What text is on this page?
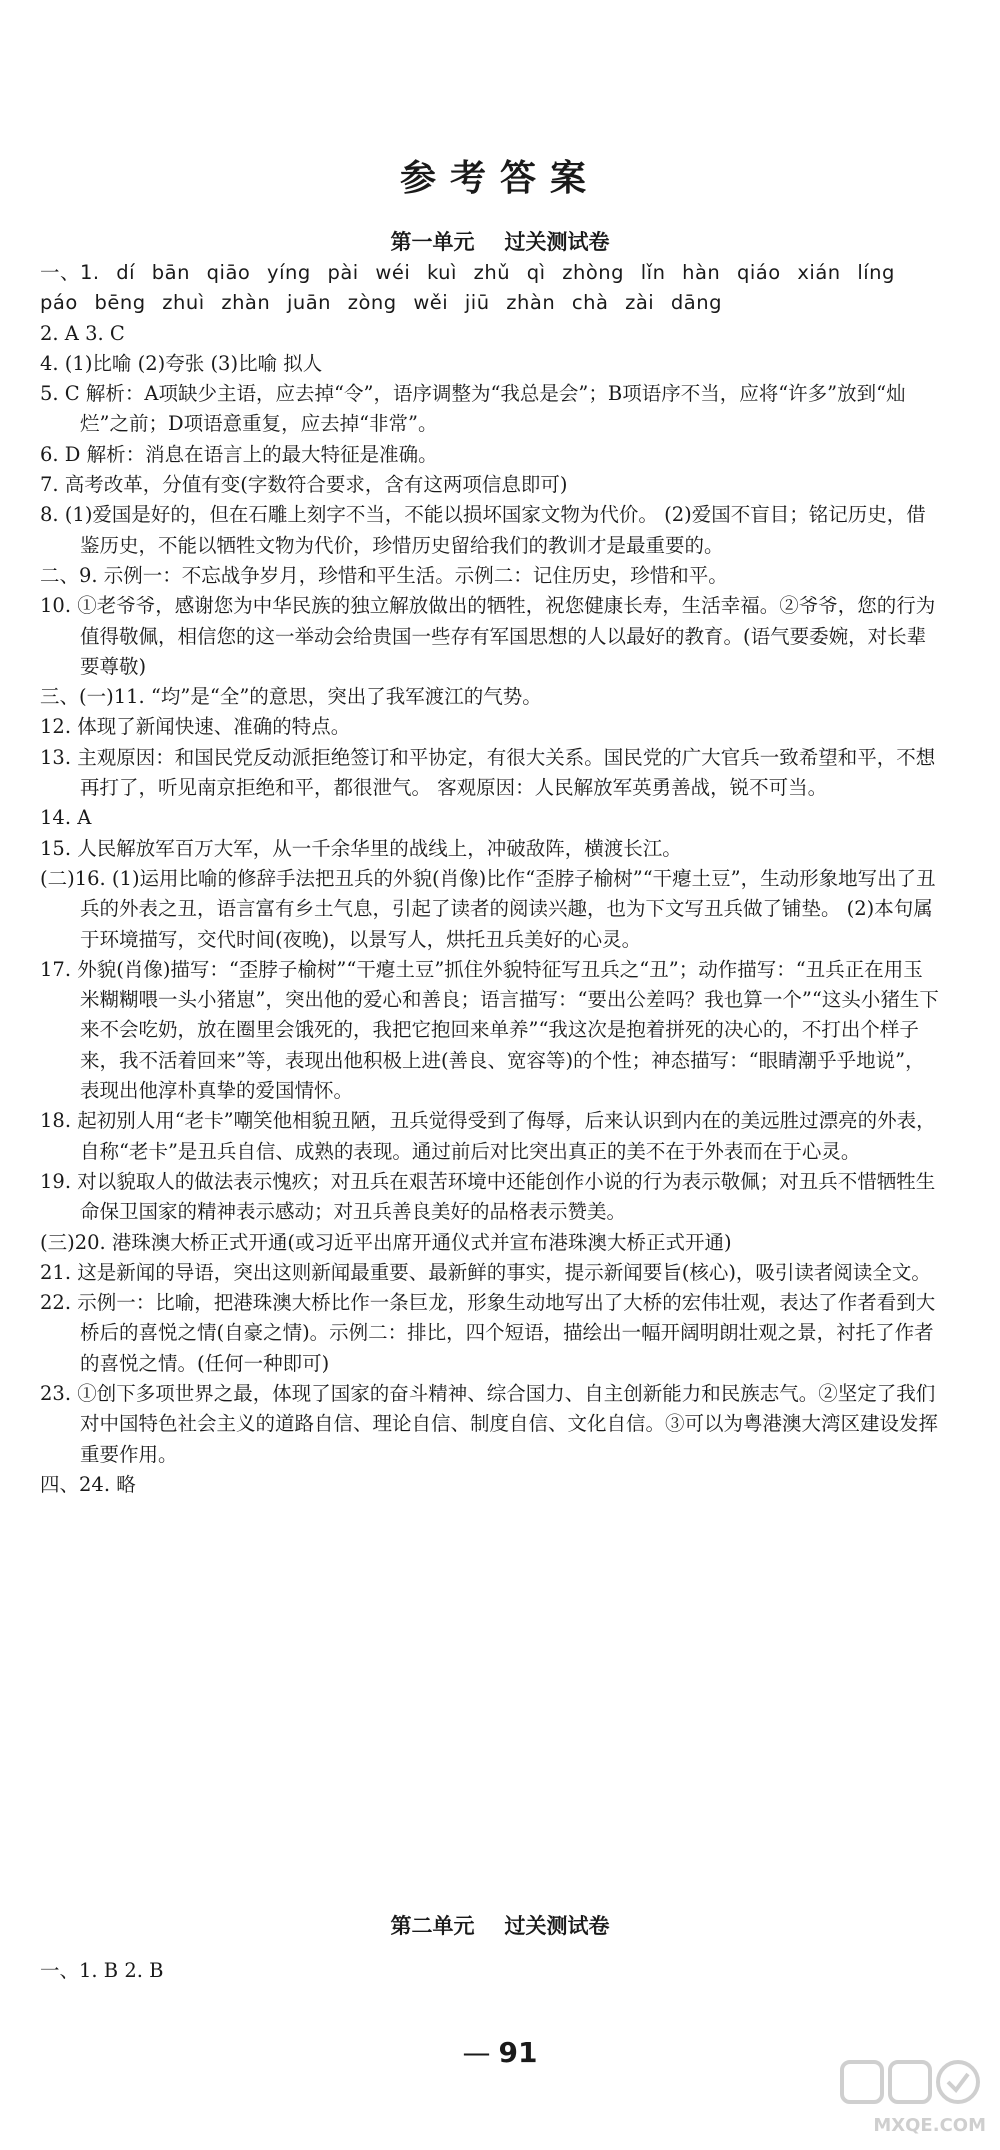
参考答案
第一单元 过关测试卷

一、1. dí bān qiāo yíng pài wéi kuì zhǔ qì zhòng lǐn hàn qiáo xián líng páo bēng zhuì zhàn juān zòng wěi jiū zhàn chà zài dāng

2. A 3. C

4. (1)比喻 (2)夸张 (3)比喻 拟人

5. C 解析：A项缺少主语，应去掉“令”，语序调整为“我总是会”；B项语序不当，应将“许多”放到“灿烂”之前；D项语意重复，应去掉“非常”。

6. D 解析：消息在语言上的最大特征是准确。

7. 高考改革，分值有变(字数符合要求，含有这两项信息即可)

8. (1)爱国是好的，但在石雕上刻字不当，不能以损坏国家文物为代价。 (2)爱国不盲目；铭记历史，借鉴历史，不能以牺牲文物为代价，珍惜历史留给我们的教训才是最重要的。

二、9. 示例一：不忘战争岁月，珍惜和平生活。示例二：记住历史，珍惜和平。

10. ①老爷爷，感谢您为中华民族的独立解放做出的牺牲，祝您健康长寿，生活幸福。②爷爷，您的行为值得敬佩，相信您的这一举动会给贵国一些存有军国思想的人以最好的教育。(语气要委婉，对长辈要尊敬)

三、(一)11. “均”是“全”的意思，突出了我军渡江的气势。

12. 体现了新闻快速、准确的特点。

13. 主观原因：和国民党反动派拒绝签订和平协定，有很大关系。国民党的广大官兵一致希望和平，不想再打了，听见南京拒绝和平，都很泄气。 客观原因：人民解放军英勇善战，锐不可当。

14. A

15. 人民解放军百万大军，从一千余华里的战线上，冲破敌阵，横渡长江。

(二)16. (1)运用比喻的修辞手法把丑兵的外貌(肖像)比作“歪脖子榆树”“干瘪土豆”，生动形象地写出了丑兵的外表之丑，语言富有乡土气息，引起了读者的阅读兴趣，也为下文写丑兵做了铺垫。 (2)本句属于环境描写，交代时间(夜晚)，以景写人，烘托丑兵美好的心灵。

17. 外貌(肖像)描写：“歪脖子榆树”“干瘪土豆”抓住外貌特征写丑兵之“丑”；动作描写：“丑兵正在用玉米糊糊喂一头小猪崽”，突出他的爱心和善良；语言描写：“要出公差吗？我也算一个”“这头小猪生下来不会吃奶，放在圈里会饿死的，我把它抱回来单养”“我这次是抱着拼死的决心的，不打出个样子来，我不活着回来”等，表现出他积极上进(善良、宽容等)的个性；神态描写：“眼睛潮乎乎地说”，表现出他淳朴真挚的爱国情怀。

18. 起初别人用“老卡”嘲笑他相貌丑陋，丑兵觉得受到了侮辱，后来认识到内在的美远胜过漂亮的外表，自称“老卡”是丑兵自信、成熟的表现。通过前后对比突出真正的美不在于外表而在于心灵。

19. 对以貌取人的做法表示愧疚；对丑兵在艰苦环境中还能创作小说的行为表示敬佩；对丑兵不惜牺牲生命保卫国家的精神表示感动；对丑兵善良美好的品格表示赞美。

(三)20. 港珠澳大桥正式开通(或习近平出席开通仪式并宣布港珠澳大桥正式开通)

21. 这是新闻的导语，突出这则新闻最重要、最新鲜的事实，提示新闻要旨(核心)，吸引读者阅读全文。

22. 示例一：比喻，把港珠澳大桥比作一条巨龙，形象生动地写出了大桥的宏伟壮观，表达了作者看到大桥后的喜悦之情(自豪之情)。示例二：排比，四个短语，描绘出一幅开阔明朗壮观之景，衬托了作者的喜悦之情。(任何一种即可)

23. ①创下多项世界之最，体现了国家的奋斗精神、综合国力、自主创新能力和民族志气。②坚定了我们对中国特色社会主义的道路自信、理论自信、制度自信、文化自信。③可以为粤港澳大湾区建设发挥重要作用。

四、24. 略

第二单元 过关测试卷

一、1. B 2. B

— 91
MXQE.COM
